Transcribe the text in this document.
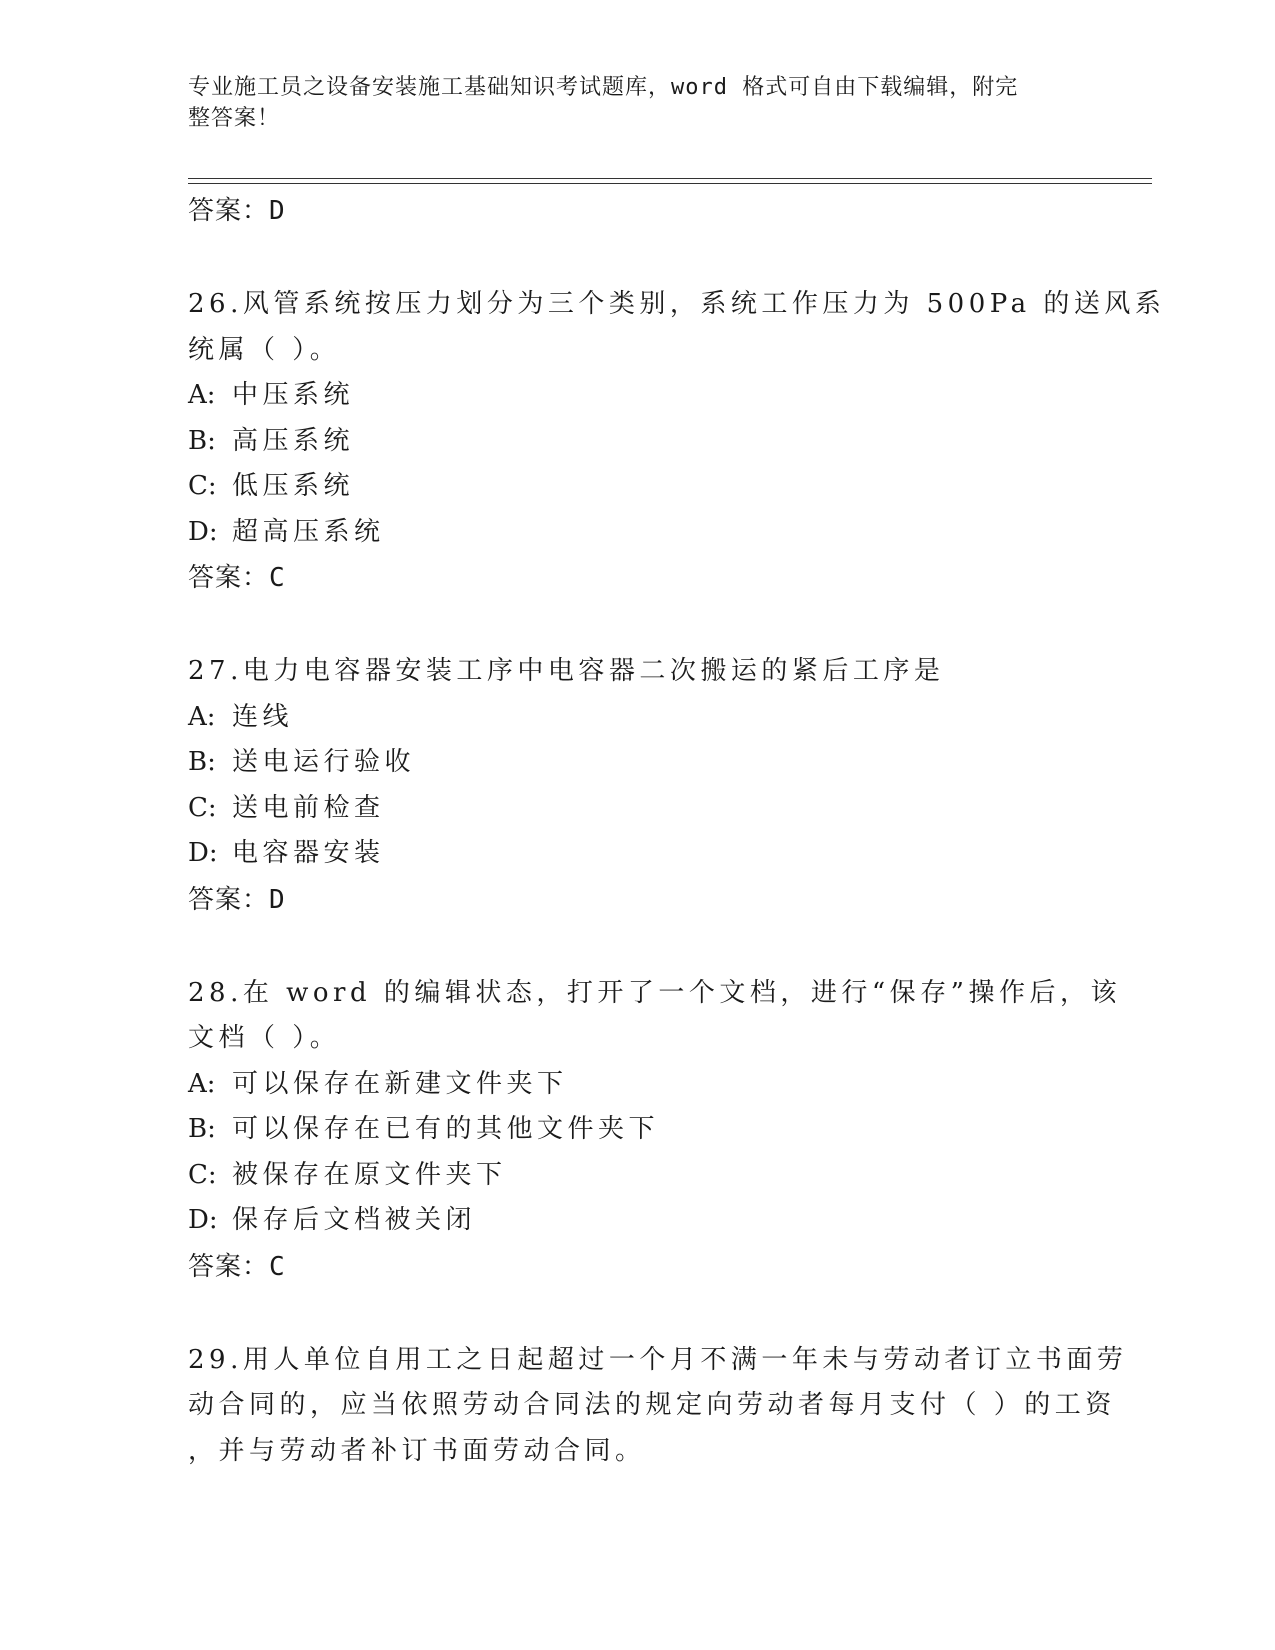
专业施工员之设备安装施工基础知识考试题库，word 格式可自由下载编辑，附完
整答案！
答案：D
26.风管系统按压力划分为三个类别，系统工作压力为 500Pa 的送风系
统属（ ）。
A: 中压系统
B: 高压系统
C: 低压系统
D: 超高压系统
答案：C
27.电力电容器安装工序中电容器二次搬运的紧后工序是
A: 连线
B: 送电运行验收
C: 送电前检查
D: 电容器安装
答案：D
28.在 word 的编辑状态，打开了一个文档，进行“保存”操作后，该
文档（ ）。
A: 可以保存在新建文件夹下
B: 可以保存在已有的其他文件夹下
C: 被保存在原文件夹下
D: 保存后文档被关闭
答案：C
29.用人单位自用工之日起超过一个月不满一年未与劳动者订立书面劳
动合同的，应当依照劳动合同法的规定向劳动者每月支付（ ）的工资
，并与劳动者补订书面劳动合同。
